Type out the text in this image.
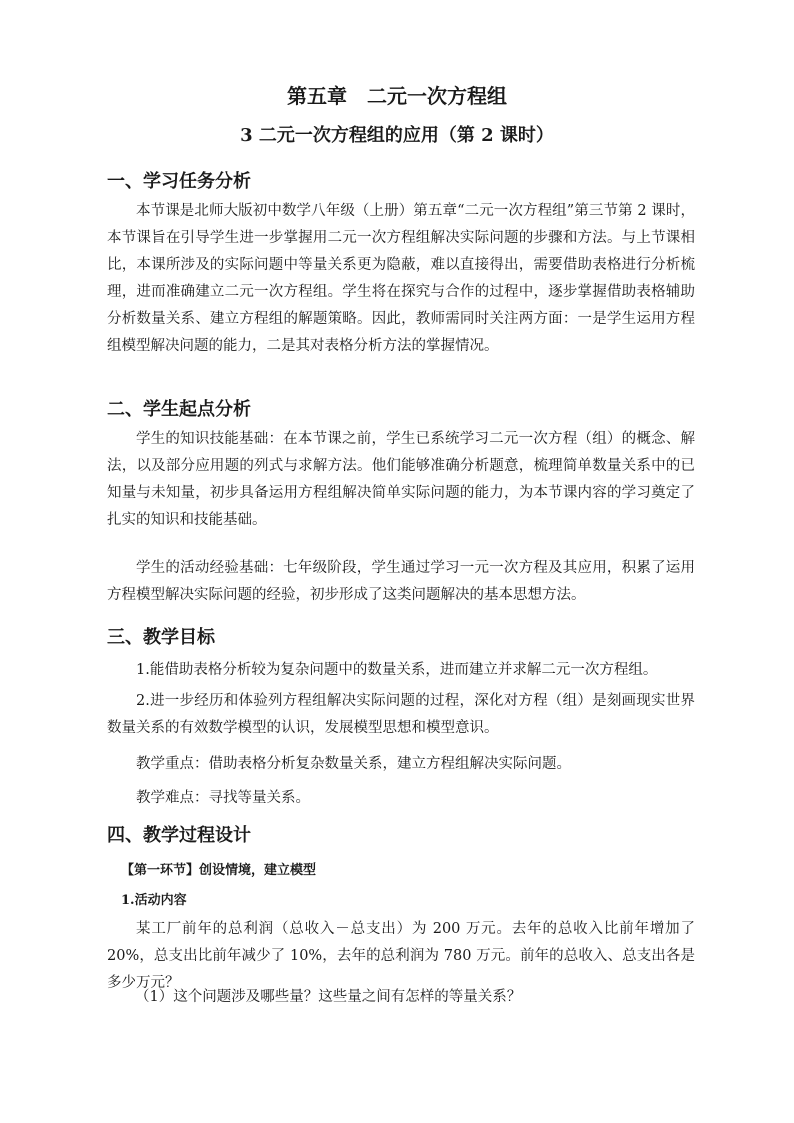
第五章　二元一次方程组
3 二元一次方程组的应用（第 2 课时）
一、学习任务分析
本节课是北师大版初中数学八年级（上册）第五章“二元一次方程组”第三节第 2 课时，本节课旨在引导学生进一步掌握用二元一次方程组解决实际问题的步骤和方法。与上节课相比，本课所涉及的实际问题中等量关系更为隐蔽，难以直接得出，需要借助表格进行分析梳理，进而准确建立二元一次方程组。学生将在探究与合作的过程中，逐步掌握借助表格辅助分析数量关系、建立方程组的解题策略。因此，教师需同时关注两方面：一是学生运用方程组模型解决问题的能力，二是其对表格分析方法的掌握情况。
二、学生起点分析
学生的知识技能基础：在本节课之前，学生已系统学习二元一次方程（组）的概念、解法，以及部分应用题的列式与求解方法。他们能够准确分析题意，梳理简单数量关系中的已知量与未知量，初步具备运用方程组解决简单实际问题的能力，为本节课内容的学习奠定了扎实的知识和技能基础。
学生的活动经验基础：七年级阶段，学生通过学习一元一次方程及其应用，积累了运用方程模型解决实际问题的经验，初步形成了这类问题解决的基本思想方法。
三、教学目标
1.能借助表格分析较为复杂问题中的数量关系，进而建立并求解二元一次方程组。
2.进一步经历和体验列方程组解决实际问题的过程，深化对方程（组）是刻画现实世界数量关系的有效数学模型的认识，发展模型思想和模型意识。
教学重点：借助表格分析复杂数量关系，建立方程组解决实际问题。
教学难点：寻找等量关系。
四、教学过程设计
【第一环节】创设情境，建立模型
1.活动内容
某工厂前年的总利润（总收入－总支出）为 200 万元。去年的总收入比前年增加了 20%，总支出比前年减少了 10%，去年的总利润为 780 万元。前年的总收入、总支出各是多少万元？
（1）这个问题涉及哪些量？这些量之间有怎样的等量关系？
